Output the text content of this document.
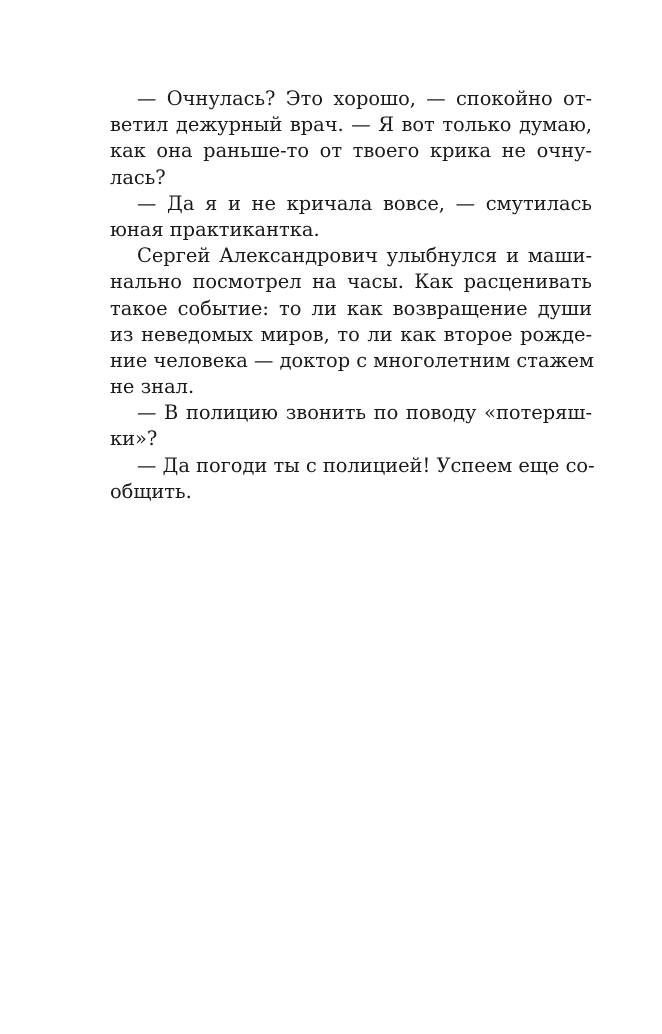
— Очнулась? Это хорошо, — спокойно от-
ветил дежурный врач. — Я вот только думаю,
как она раньше-то от твоего крика не очну-
лась?
— Да я и не кричала вовсе, — смутилась
юная практикантка.
Сергей Александрович улыбнулся и маши-
нально посмотрел на часы. Как расценивать
такое событие: то ли как возвращение души
из неведомых миров, то ли как второе рожде-
ние человека — доктор с многолетним стажем
не знал.
— В полицию звонить по поводу «потеряш-
ки»?
— Да погоди ты с полицией! Успеем еще со-
общить.
